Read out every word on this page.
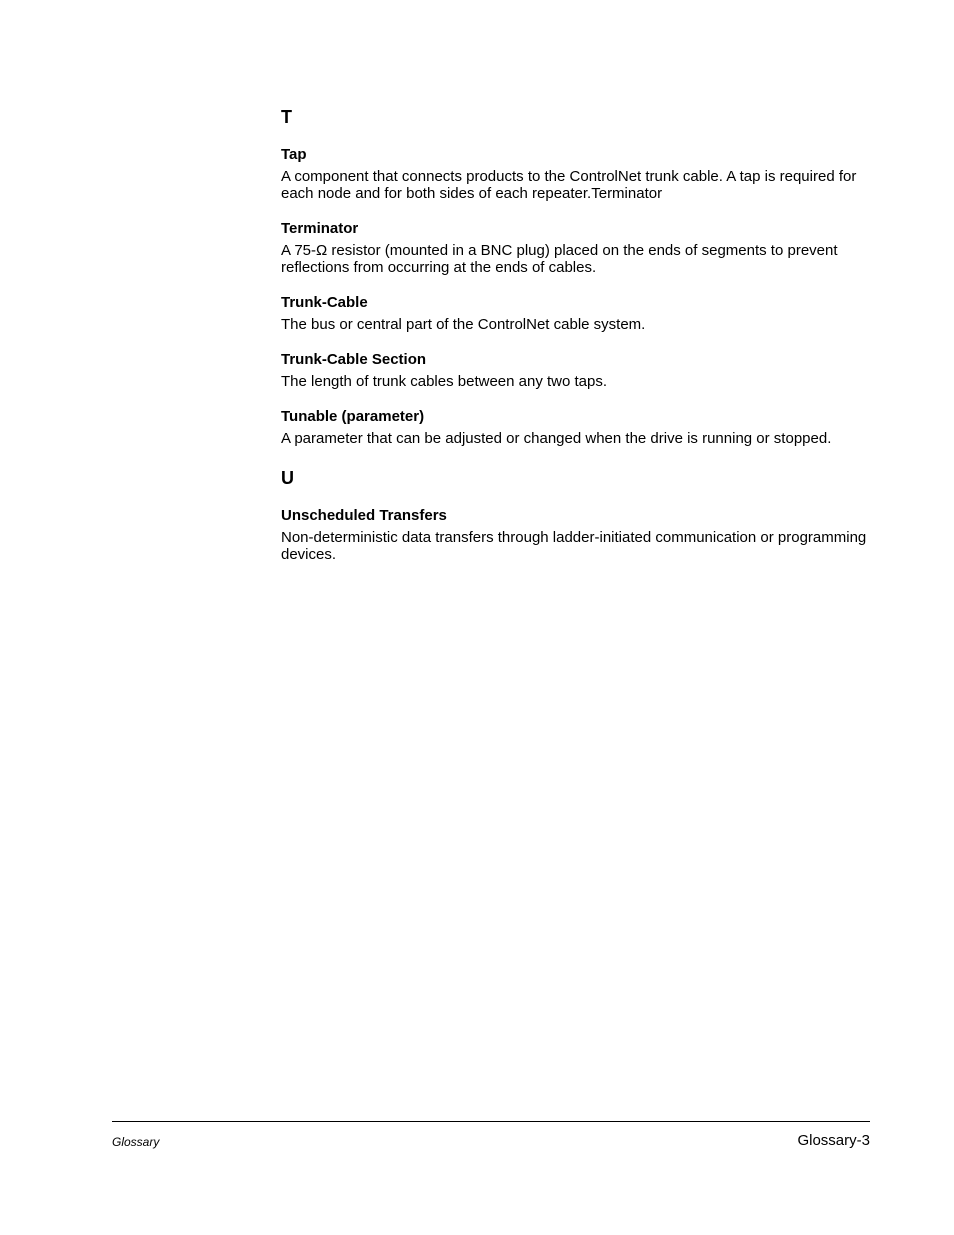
T

Tap

A component that connects products to the ControlNet trunk cable. A tap is required for each node and for both sides of each repeater.Terminator

Terminator

A 75-Ω resistor (mounted in a BNC plug) placed on the ends of segments to prevent reflections from occurring at the ends of cables.

Trunk-Cable

The bus or central part of the ControlNet cable system.

Trunk-Cable Section

The length of trunk cables between any two taps.

Tunable (parameter)

A parameter that can be adjusted or changed when the drive is running or stopped.

U

Unscheduled Transfers

Non-deterministic data transfers through ladder-initiated communication or programming devices.

Glossary	Glossary-3
